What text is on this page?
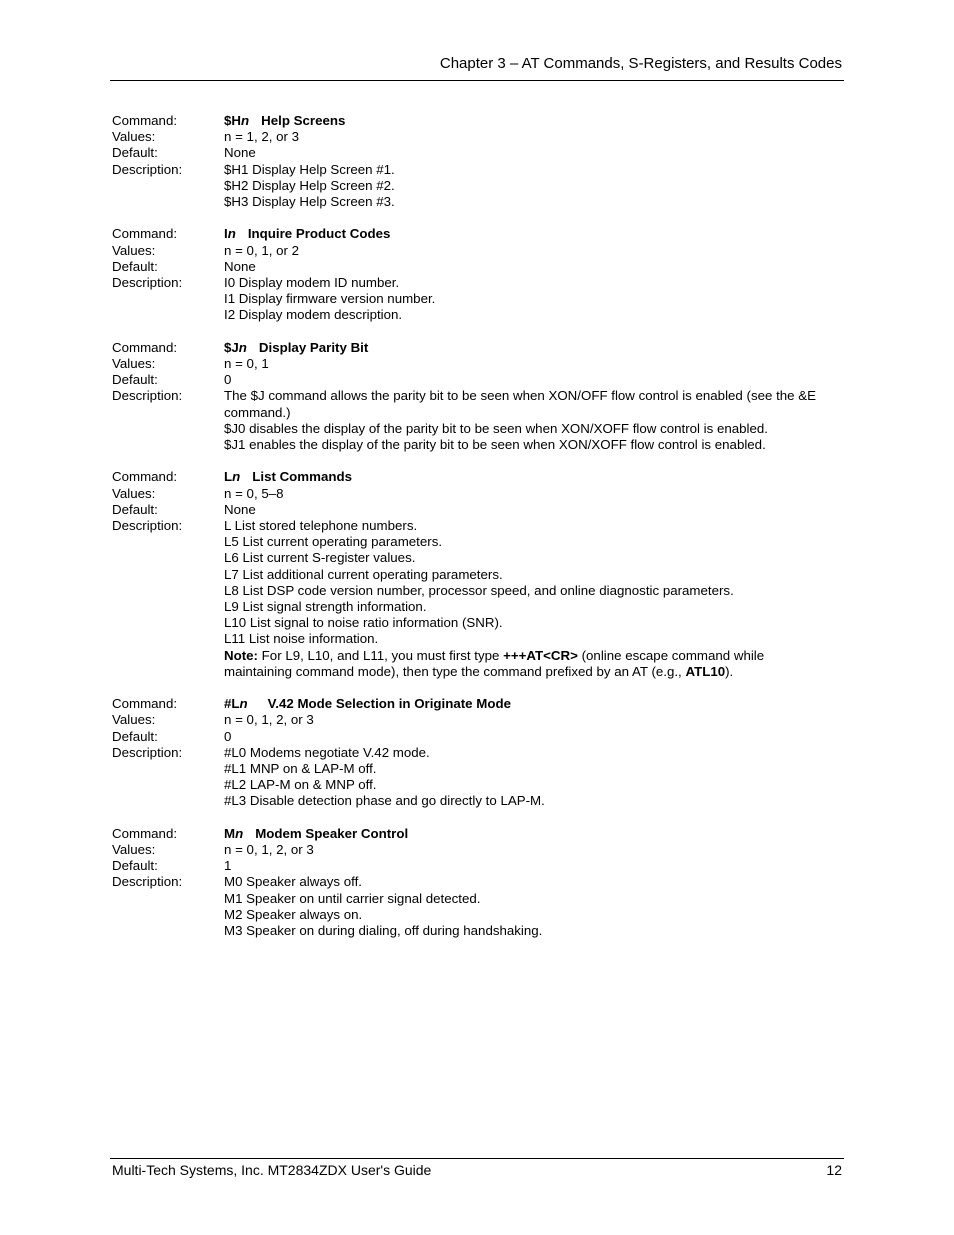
Chapter 3 – AT Commands, S-Registers, and Results Codes
Command:	$Hn Help Screens
Values:	n = 1, 2, or 3
Default:	None
Description:	$H1 Display Help Screen #1.
$H2 Display Help Screen #2.
$H3 Display Help Screen #3.
Command:	In Inquire Product Codes
Values:	n = 0, 1, or 2
Default:	None
Description:	I0 Display modem ID number.
I1 Display firmware version number.
I2 Display modem description.
Command:	$Jn Display Parity Bit
Values:	n = 0, 1
Default:	0
Description:	The $J command allows the parity bit to be seen when XON/OFF flow control is enabled (see the &E command.)
$J0 disables the display of the parity bit to be seen when XON/XOFF flow control is enabled.
$J1 enables the display of the parity bit to be seen when XON/XOFF flow control is enabled.
Command:	Ln List Commands
Values:	n = 0, 5–8
Default:	None
Description:	L List stored telephone numbers.
L5 List current operating parameters.
L6 List current S-register values.
L7 List additional current operating parameters.
L8 List DSP code version number, processor speed, and online diagnostic parameters.
L9 List signal strength information.
L10 List signal to noise ratio information (SNR).
L11 List noise information.
Note: For L9, L10, and L11, you must first type +++AT<CR> (online escape command while maintaining command mode), then type the command prefixed by an AT (e.g., ATL10).
Command:	#Ln V.42 Mode Selection in Originate Mode
Values:	n = 0, 1, 2, or 3
Default:	0
Description:	#L0 Modems negotiate V.42 mode.
#L1 MNP on & LAP-M off.
#L2 LAP-M on & MNP off.
#L3 Disable detection phase and go directly to LAP-M.
Command:	Mn Modem Speaker Control
Values:	n = 0, 1, 2, or 3
Default:	1
Description:	M0 Speaker always off.
M1 Speaker on until carrier signal detected.
M2 Speaker always on.
M3 Speaker on during dialing, off during handshaking.
Multi-Tech Systems, Inc. MT2834ZDX User's Guide	12
